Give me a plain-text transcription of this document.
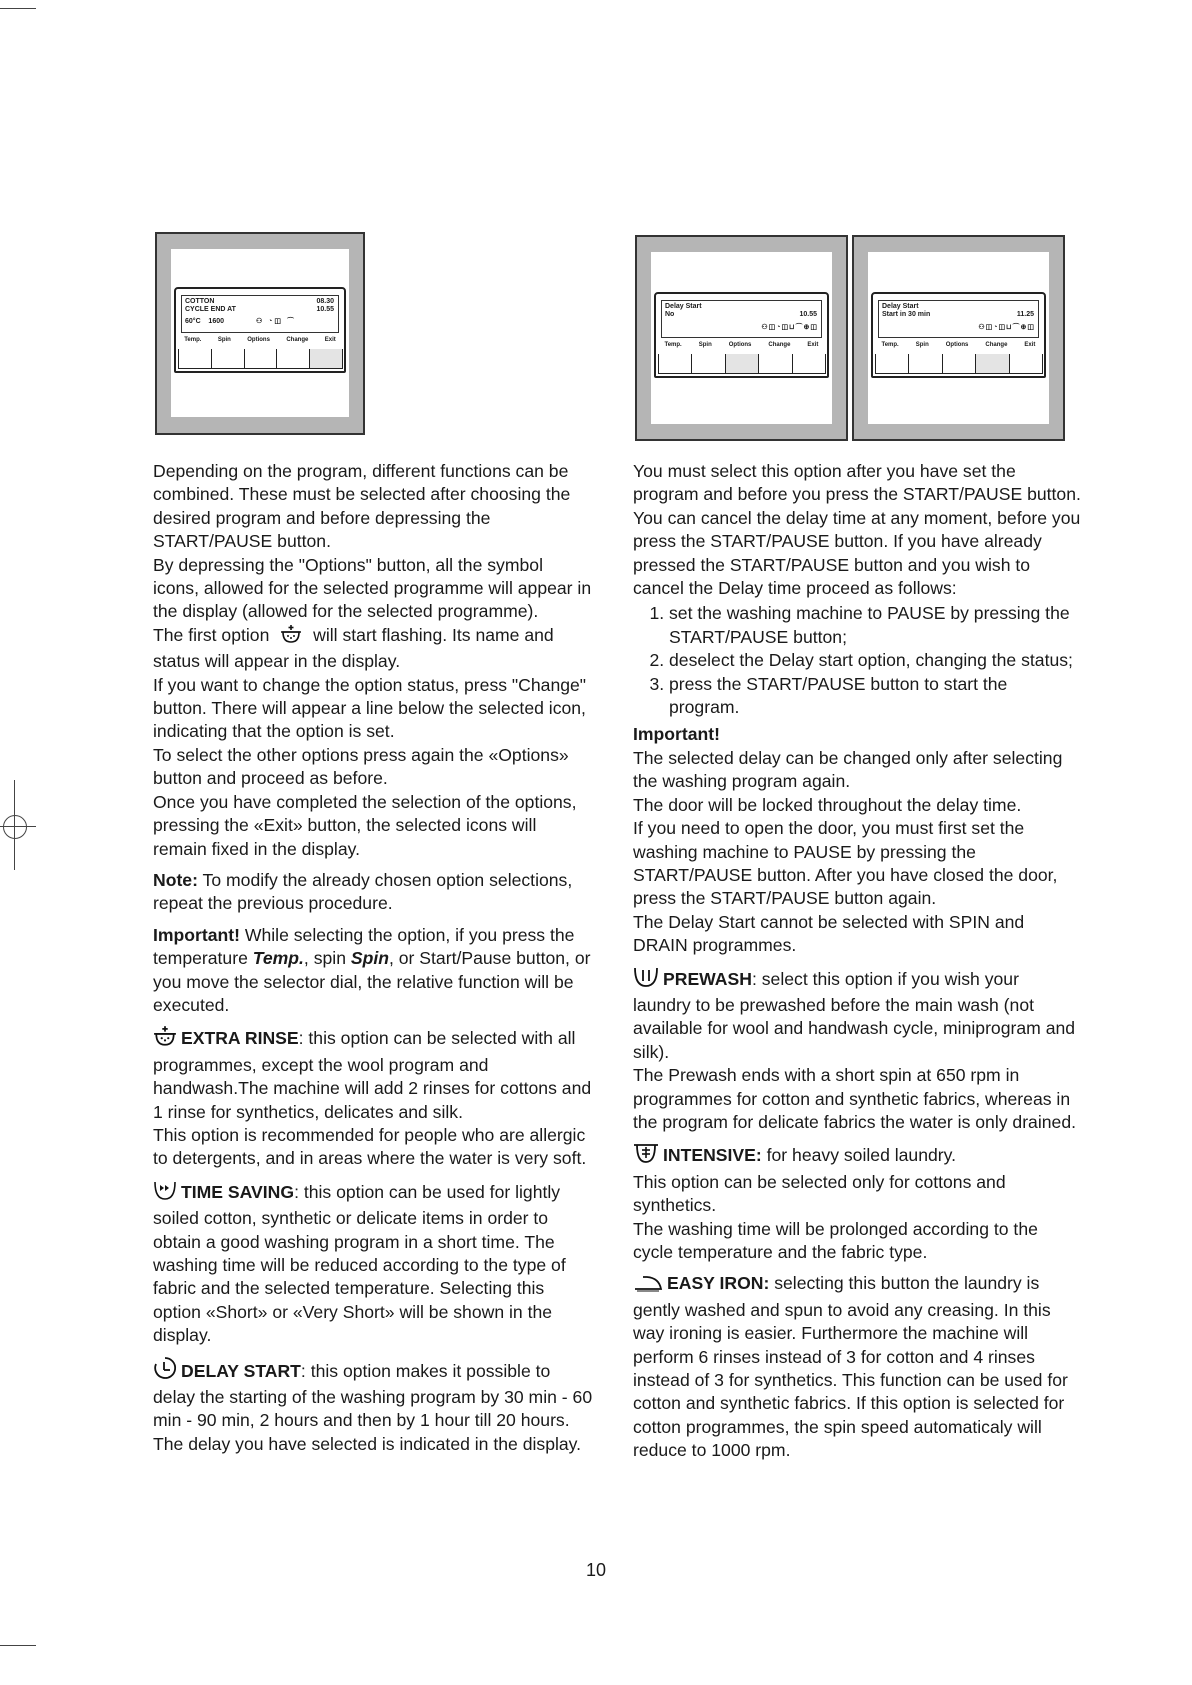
COTTON	08.30
CYCLE END AT	10.55
60°C 1600	⚇ ◔◫ ⌒
Temp.	Spin	Options	Change	Exit
Delay Start
No	10.55
⚇◫◔◫⊔⌒⊕◫
Temp.	Spin	Options	Change	Exit
Delay Start
Start in 30 min	11.25
⚇◫◔◫⊔⌒⊕◫
Temp.	Spin	Options	Change	Exit

Depending on the program, different functions can be combined. These must be selected after choosing the desired program and before depressing the START/PAUSE button.

By depressing the "Options" button, all the symbol icons, allowed for the selected programme will appear in the display (allowed for the selected programme).

The first option will start flashing. Its name and status will appear in the display.

If you want to change the option status, press "Change" button. There will appear a line below the selected icon, indicating that the option is set.

To select the other options press again the «Options» button and proceed as before.

Once you have completed the selection of the options, pressing the «Exit» button, the selected icons will remain fixed in the display.

Note: To modify the already chosen option selections, repeat the previous procedure.

Important! While selecting the option, if you press the temperature Temp., spin Spin, or Start/Pause button, or you move the selector dial, the relative function will be executed.

EXTRA RINSE: this option can be selected with all programmes, except the wool program and handwash.The machine will add 2 rinses for cottons and 1 rinse for synthetics, delicates and silk.

This option is recommended for people who are allergic to detergents, and in areas where the water is very soft.

TIME SAVING: this option can be used for lightly soiled cotton, synthetic or delicate items in order to obtain a good washing program in a short time. The washing time will be reduced according to the type of fabric and the selected temperature. Selecting this option «Short» or «Very Short» will be shown in the display.

DELAY START: this option makes it possible to delay the starting of the washing program by 30 min - 60 min - 90 min, 2 hours and then by 1 hour till 20 hours. The delay you have selected is indicated in the display.

You must select this option after you have set the program and before you press the START/PAUSE button.

You can cancel the delay time at any moment, before you press the START/PAUSE button. If you have already pressed the START/PAUSE button and you wish to cancel the Delay time proceed as follows:

1. set the washing machine to PAUSE by pressing the START/PAUSE button;
2. deselect the Delay start option, changing the status;
3. press the START/PAUSE button to start the program.

Important!

The selected delay can be changed only after selecting the washing program again.

The door will be locked throughout the delay time.

If you need to open the door, you must first set the washing machine to PAUSE by pressing the START/PAUSE button. After you have closed the door, press the START/PAUSE button again.

The Delay Start cannot be selected with SPIN and DRAIN programmes.

PREWASH: select this option if you wish your laundry to be prewashed before the main wash (not available for wool and handwash cycle, miniprogram and silk).

The Prewash ends with a short spin at 650 rpm in programmes for cotton and synthetic fabrics, whereas in the program for delicate fabrics the water is only drained.

INTENSIVE: for heavy soiled laundry.

This option can be selected only for cottons and synthetics.

The washing time will be prolonged according to the cycle temperature and the fabric type.

EASY IRON: selecting this button the laundry is gently washed and spun to avoid any creasing. In this way ironing is easier. Furthermore the machine will perform 6 rinses instead of 3 for cotton and 4 rinses instead of 3 for synthetics. This function can be used for cotton and synthetic fabrics. If this option is selected for cotton programmes, the spin speed automaticaly will reduce to 1000 rpm.

10
